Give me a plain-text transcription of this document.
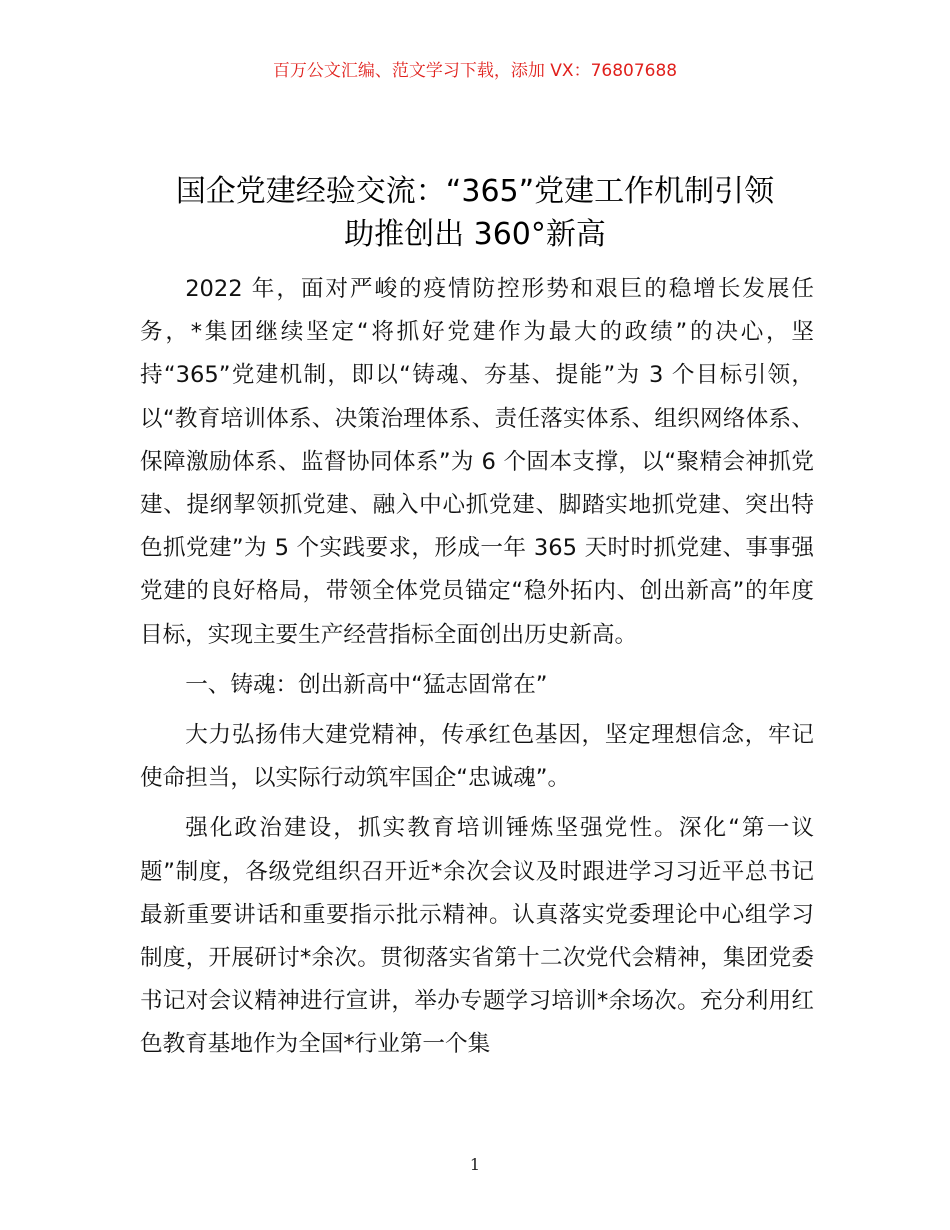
百万公文汇编、范文学习下载，添加 VX：76807688
国企党建经验交流：“365”党建工作机制引领
助推创出 360°新高

2022 年，面对严峻的疫情防控形势和艰巨的稳增长发展任务，*集团继续坚定“将抓好党建作为最大的政绩”的决心，坚持“365”党建机制，即以“铸魂、夯基、提能”为 3 个目标引领，以“教育培训体系、决策治理体系、责任落实体系、组织网络体系、保障激励体系、监督协同体系”为 6 个固本支撑，以“聚精会神抓党建、提纲挈领抓党建、融入中心抓党建、脚踏实地抓党建、突出特色抓党建”为 5 个实践要求，形成一年 365 天时时抓党建、事事强党建的良好格局，带领全体党员锚定“稳外拓内、创出新高”的年度目标，实现主要生产经营指标全面创出历史新高。

一、铸魂：创出新高中“猛志固常在”

大力弘扬伟大建党精神，传承红色基因，坚定理想信念，牢记使命担当，以实际行动筑牢国企“忠诚魂”。

强化政治建设，抓实教育培训锤炼坚强党性。深化“第一议题”制度，各级党组织召开近*余次会议及时跟进学习习近平总书记最新重要讲话和重要指示批示精神。认真落实党委理论中心组学习制度，开展研讨*余次。贯彻落实省第十二次党代会精神，集团党委书记对会议精神进行宣讲，举办专题学习培训*余场次。充分利用红色教育基地作为全国*行业第一个集

1
